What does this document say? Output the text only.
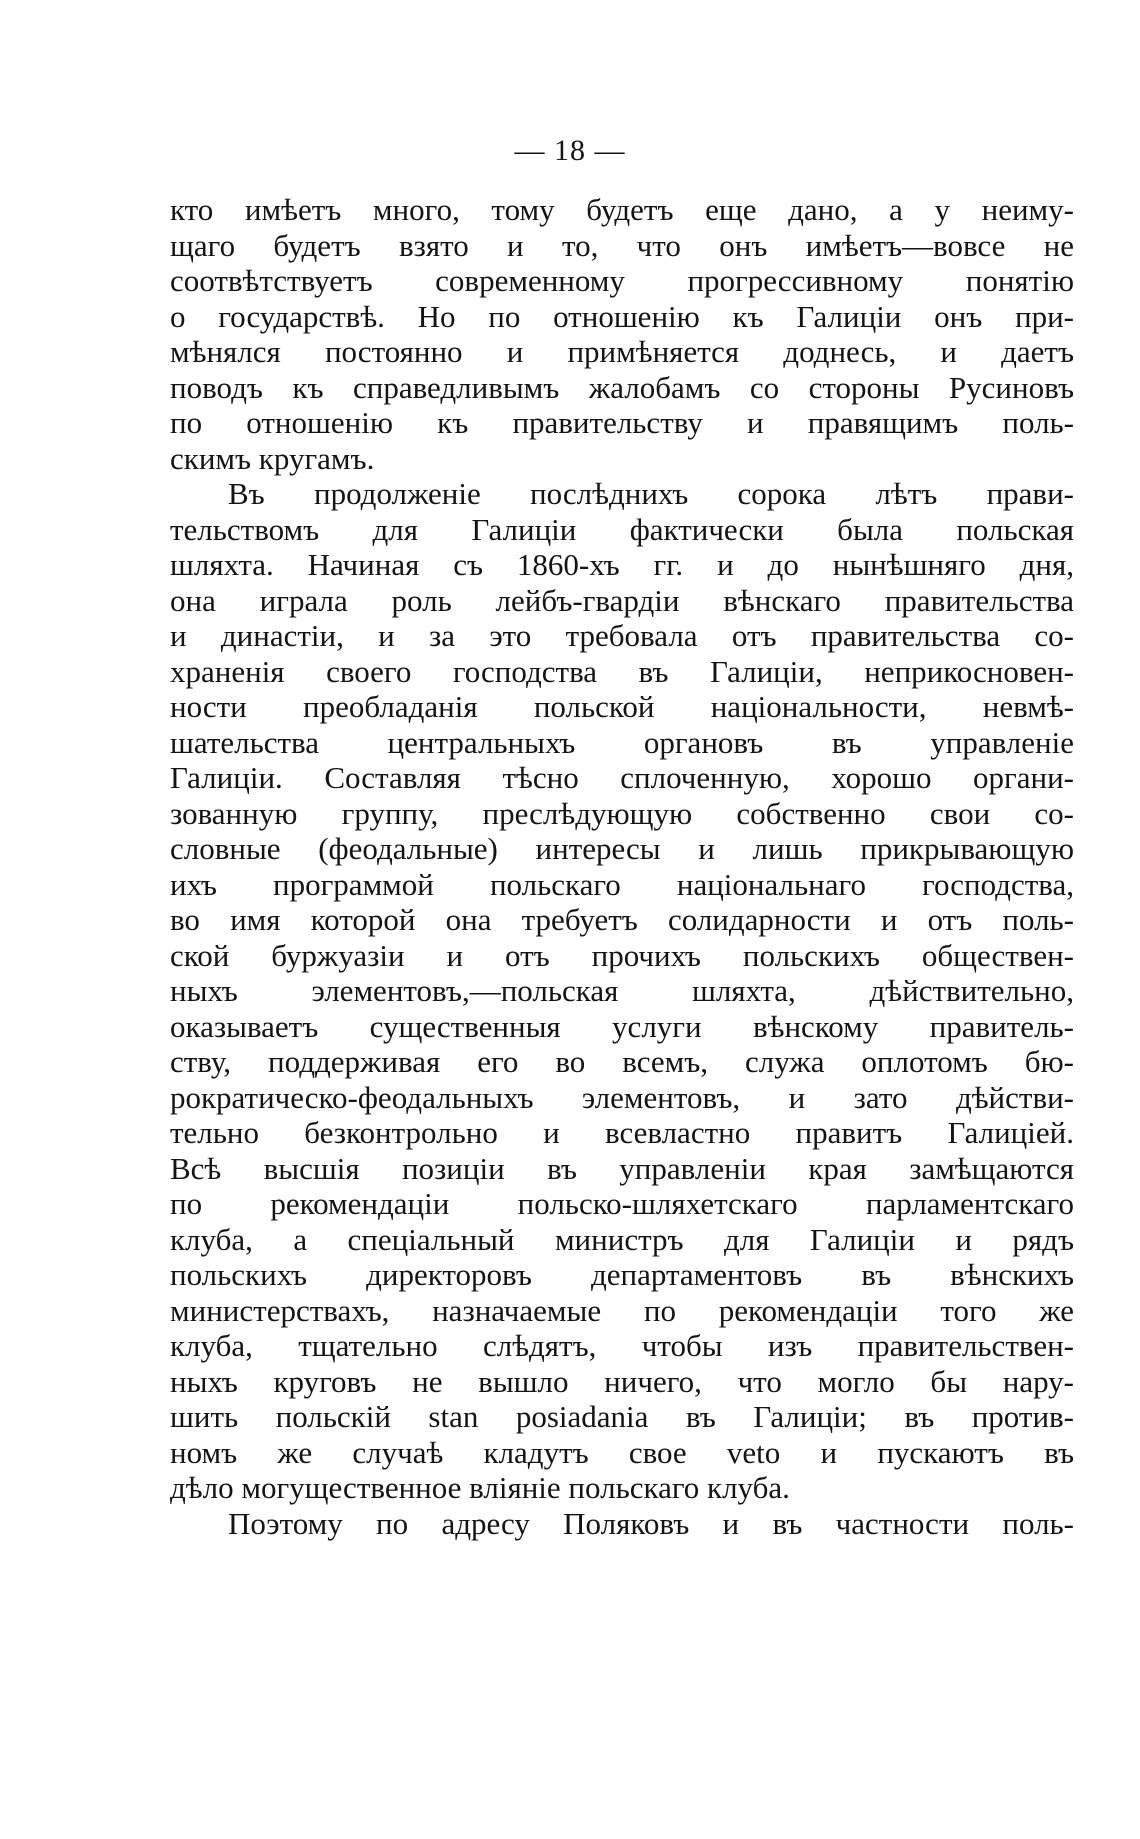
— 18 —
кто имѣетъ много, тому будетъ еще дано, а у неиму-
щаго будетъ взято и то, что онъ имѣетъ—вовсе не
соотвѣтствуетъ современному прогрессивному понятію
о государствѣ. Но по отношенію къ Галиціи онъ при-
мѣнялся постоянно и примѣняется доднесь, и даетъ
поводъ къ справедливымъ жалобамъ со стороны Русиновъ
по отношенію къ правительству и правящимъ поль-
скимъ кругамъ.
Въ продолженіе послѣднихъ сорока лѣтъ прави-
тельствомъ для Галиціи фактически была польская
шляхта. Начиная съ 1860-хъ гг. и до нынѣшняго дня,
она играла роль лейбъ-гвардіи вѣнскаго правительства
и династіи, и за это требовала отъ правительства со-
храненія своего господства въ Галиціи, неприкосновен-
ности преобладанія польской національности, невмѣ-
шательства центральныхъ органовъ въ управленіе
Галиціи. Составляя тѣсно сплоченную, хорошо органи-
зованную группу, преслѣдующую собственно свои со-
словные (феодальные) интересы и лишь прикрывающую
ихъ программой польскаго національнаго господства,
во имя которой она требуетъ солидарности и отъ поль-
ской буржуазіи и отъ прочихъ польскихъ обществен-
ныхъ элементовъ,—польская шляхта, дѣйствительно,
оказываетъ существенныя услуги вѣнскому правитель-
ству, поддерживая его во всемъ, служа оплотомъ бю-
рократическо-феодальныхъ элементовъ, и зато дѣйстви-
тельно безконтрольно и всевластно правитъ Галиціей.
Всѣ высшія позиціи въ управленіи края замѣщаются
по рекомендаціи польско-шляхетскаго парламентскаго
клуба, а спеціальный министръ для Галиціи и рядъ
польскихъ директоровъ департаментовъ въ вѣнскихъ
министерствахъ, назначаемые по рекомендаціи того же
клуба, тщательно слѣдятъ, чтобы изъ правительствен-
ныхъ круговъ не вышло ничего, что могло бы нару-
шить польскій stan posiadania въ Галиціи; въ против-
номъ же случаѣ кладутъ свое veto и пускаютъ въ
дѣло могущественное вліяніе польскаго клуба.
Поэтому по адресу Поляковъ и въ частности поль-
